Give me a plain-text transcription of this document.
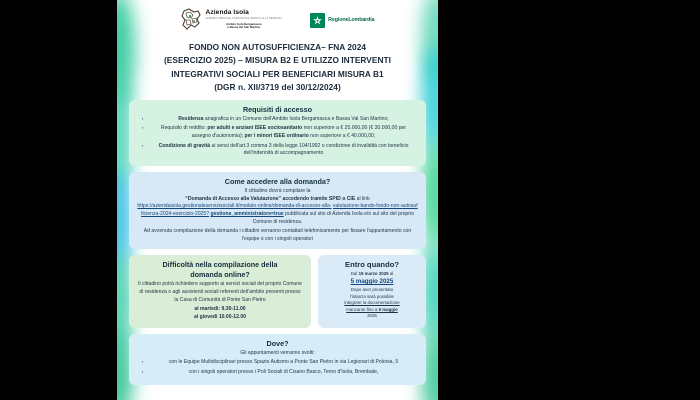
Azienda Isola
AZIENDA SPECIALE CONSORTILE SERVIZI ALLA PERSONA
Ambito Isola Bergamasca
e Bassa Val San Martino
RegioneLombardia
FONDO NON AUTOSUFFICIENZA– FNA 2024
(ESERCIZIO 2025) – MISURA B2 E UTILIZZO INTERVENTI
INTEGRATIVI SOCIALI PER BENEFICIARI MISURA B1
(DGR n. XII/3719 del 30/12/2024)
Requisiti di accesso
▪ Residenza anagrafica in un Comune dell'Ambito Isola Bergamasca e Bassa Val San Martino;
▪ Requisito di reddito: per adulti e anziani ISEE sociosanitario non superiore a € 25.000,00 (€ 30.000,00 per assegno d'autonomia); per i minori ISEE ordinario non superiore a € 40.000,00;
▪ Condizione di gravità ai sensi dell'art.3 comma 3 della legge 104/1992 o condizione di invalidità con beneficio dell'indennità di accompagnamento
Come accedere alla domanda?
Il cittadino dovrà compilare la
“Domanda di Accesso alla Valutazione” accedendo tramite SPID o CIE al link
https://aziendaisola.gestionaleservizisociali.it/modulo-online/domanda-di-accesso-alla- valutazione-bando-fondo-non-autosufficienza-2024-esercizio-2025? gestione_amministratore=true pubblicata sul sito di Azienda Isola e/o sul sito del proprio Comune di residenza.
Ad avvenuta compilazione della domanda i cittadini verranno contattati telefonicamente per fissare l'appuntamento con l'equipe o con i singoli operatori
Difficoltà nella compilazione della
domanda online?
Il cittadino potrà richiedere supporto ai servizi sociali del proprio Comune di residenza o agli assistenti sociali referenti dell'ambito presenti presso la Casa di Comunità di Ponte San Pietro
al martedì: 9.30-11.00
al giovedì 10.00-12.00
Entro quando?
Dal 19 marzo 2025 al
5 maggio 2025
Dopo aver presentato
l'istanza sarà possibile
integrare la documentazione
mancante fino a 9 maggio
2025
Dove?
Gli appuntamenti verranno svolti:
▪ con le Equipe Multidisciplinari presso Spazio Autismo a Ponte San Pietro in via Legionari di Polonia, 5
▪ con i singoli operatori presso i Poli Sociali di Cisano Basco, Terno d'Isola, Brembate,
